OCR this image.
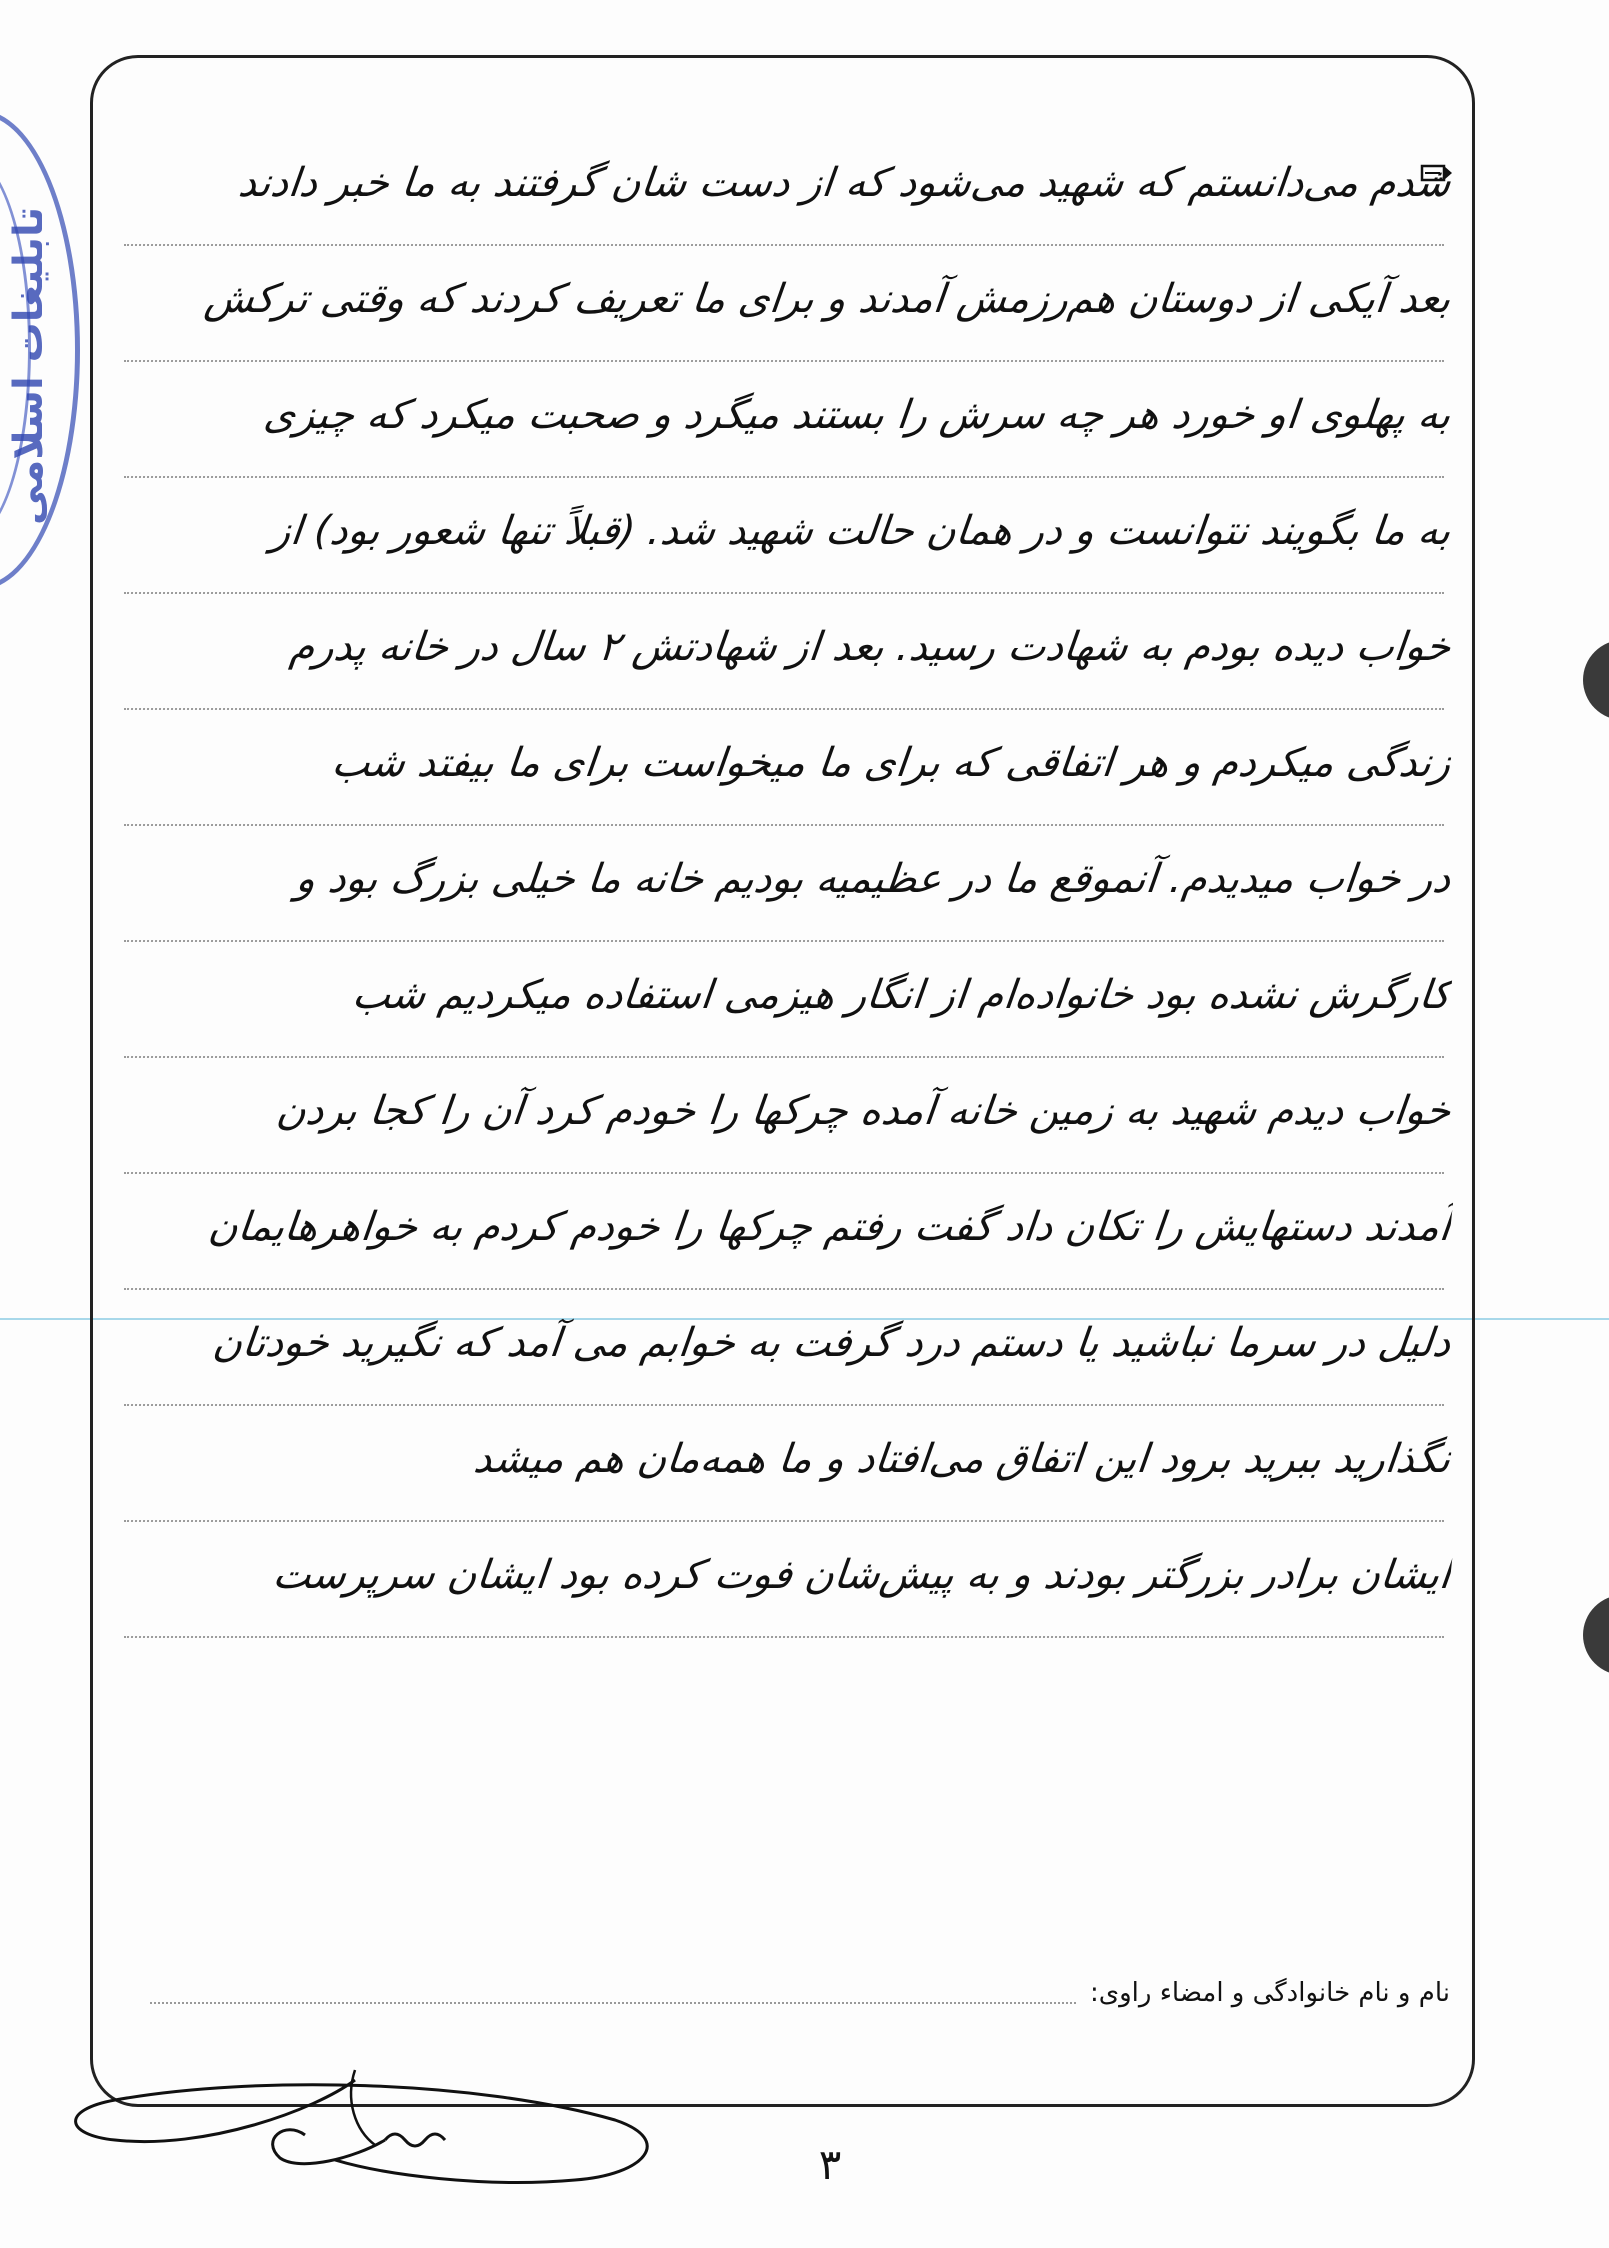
تابلیغات اسلامی
شدم می‌دانستم که شهید می‌شود که از دست شان گرفتند به ما خبر دادند
بعد آیکی از دوستان هم‌رزمش آمدند و برای ما تعریف کردند که وقتی ترکش
به پهلوی او خورد هر چه سرش را بستند میگرد و صحبت میکرد که چیزی
به ما بگویند نتوانست و در همان حالت شهید شد. (قبلاً تنها شعور بود) از
خواب دیده بودم به شهادت رسید. بعد از شهادتش ۲ سال در خانه پدرم
زندگی میکردم و هر اتفاقی که برای ما میخواست برای ما بیفتد شب
در خواب میدیدم. آنموقع ما در عظیمیه بودیم خانه ما خیلی بزرگ بود و
کارگرش نشده بود خانواده‌ام از انگار هیزمی استفاده میکردیم شب
خواب دیدم شهید به زمین خانه آمده چرکها را خودم کرد آن را کجا بردن
آمدند دستهایش را تکان داد گفت رفتم چرکها را خودم کردم به خواهرهایمان
دلیل در سرما نباشید یا دستم درد گرفت به خوابم می آمد که نگیرید خودتان
نگذارید ببرید برود این اتفاق می‌افتاد و ما همه‌مان هم میشد
ایشان برادر بزرگتر بودند و به پیش‌شان فوت کرده بود ایشان سرپرست
نام و نام خانوادگی و امضاء راوی:
۳
